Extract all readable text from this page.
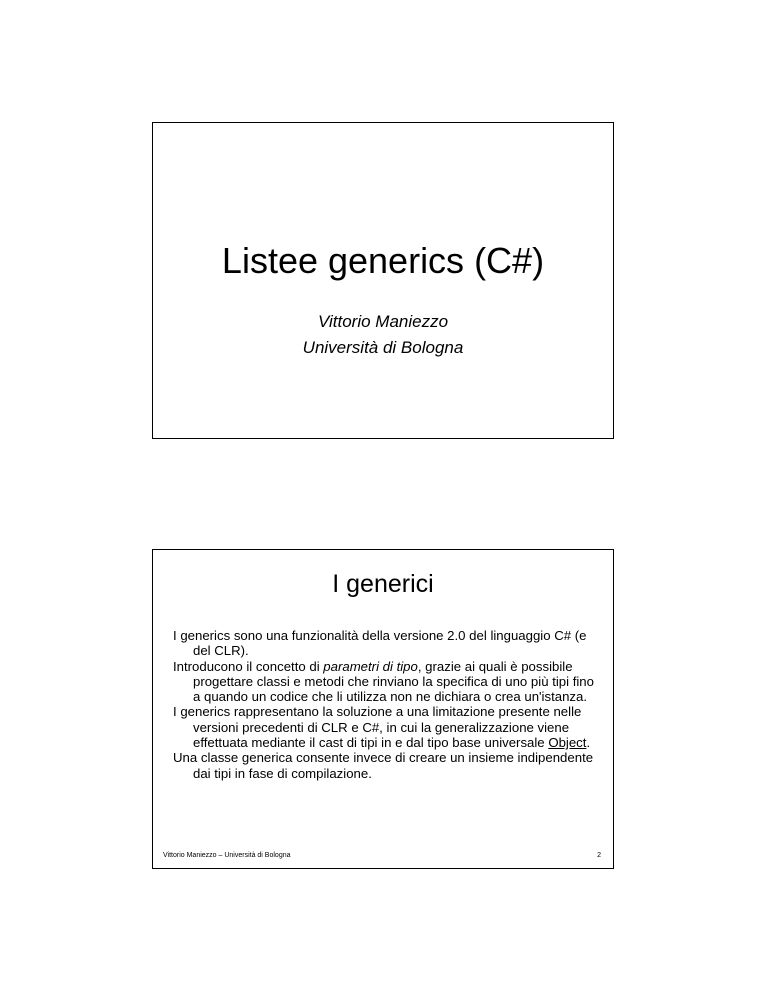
Listee generics (C#)
Vittorio Maniezzo
Università di Bologna
I generici

I generics sono una funzionalità della versione 2.0 del linguaggio C# (e del CLR).

Introducono il concetto di parametri di tipo, grazie ai quali è possibile progettare classi e metodi che rinviano la specifica di uno più tipi fino a quando un codice che li utilizza non ne dichiara o crea un'istanza.

I generics rappresentano la soluzione a una limitazione presente nelle versioni precedenti di CLR e C#, in cui la generalizzazione viene effettuata mediante il cast di tipi in e dal tipo base universale Object.

Una classe generica consente invece di creare un insieme indipendente dai tipi in fase di compilazione.

Vittorio Maniezzo – Università di Bologna	2
